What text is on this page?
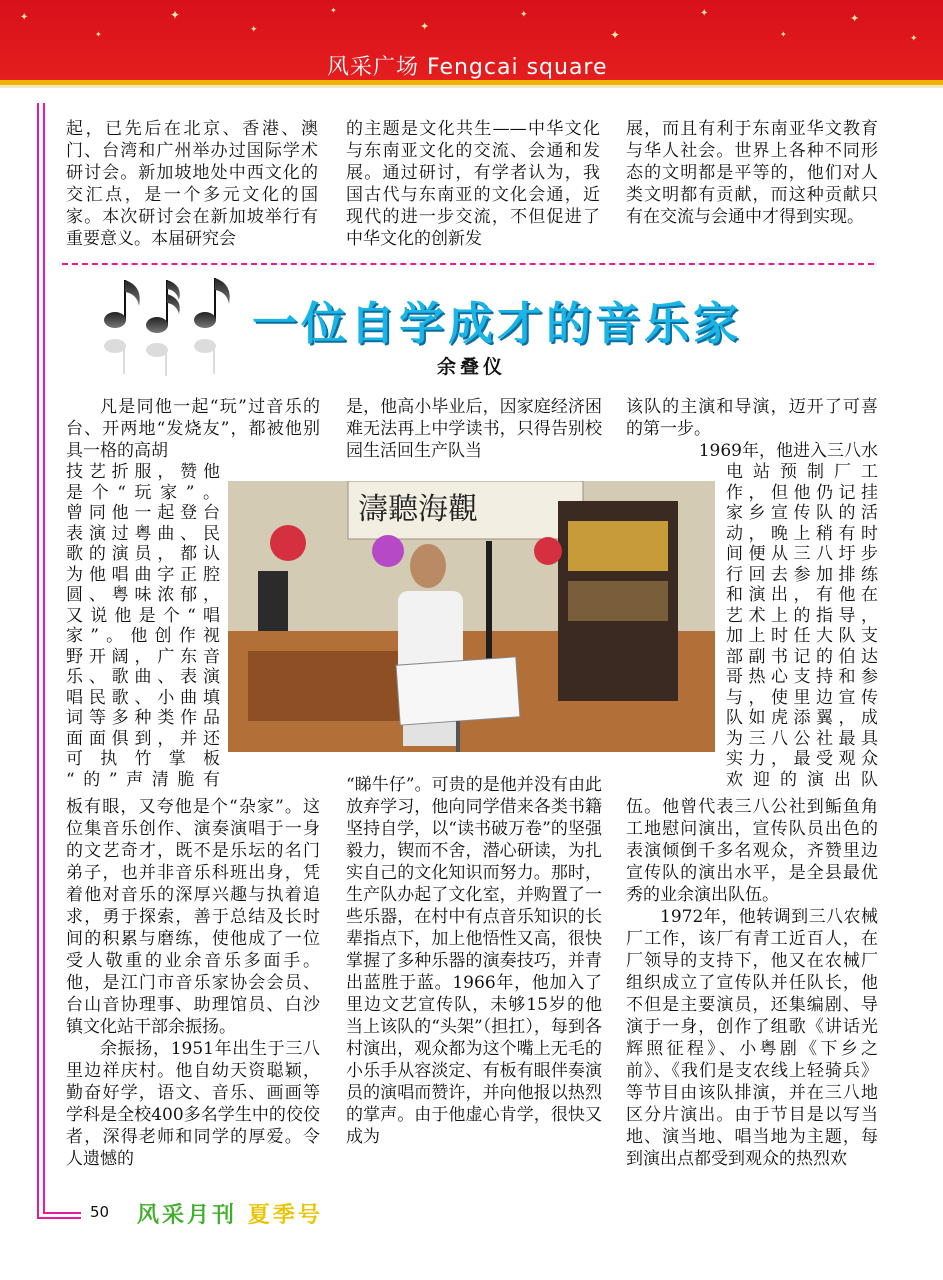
✦
✦
✦
✦
✦
✦
✦
✦
✦
✦
✦
✦
风采广场 Fengcai square

起，已先后在北京、香港、澳门、台湾和广州举办过国际学术研讨会。新加坡地处中西文化的交汇点，是一个多元文化的国家。本次研讨会在新加坡举行有重要意义。本届研究会

的主题是文化共生——中华文化与东南亚文化的交流、会通和发展。通过研讨，有学者认为，我国古代与东南亚的文化会通，近现代的进一步交流，不但促进了中华文化的创新发

展，而且有利于东南亚华文教育与华人社会。世界上各种不同形态的文明都是平等的，他们对人类文明都有贡献，而这种贡献只有在交流与会通中才得到实现。

一位自学成才的音乐家
余叠仪

凡是同他一起“玩”过音乐的台、开两地“发烧友”，都被他别具一格的高胡

技艺折服，赞他
是个“玩家”。
曾同他一起登台
表演过粤曲、民
歌的演员，都认
为他唱曲字正腔
圆、粤味浓郁，
又说他是个“唱
家”。他创作视
野开阔，广东音
乐、歌曲、表演
唱民歌、小曲填
词等多种类作品
面面俱到，并还
可执竹掌板
“的”声清脆有

板有眼，又夸他是个“杂家”。这位集音乐创作、演奏演唱于一身的文艺奇才，既不是乐坛的名门弟子，也并非音乐科班出身，凭着他对音乐的深厚兴趣与执着追求，勇于探索，善于总结及长时间的积累与磨练，使他成了一位受人敬重的业余音乐多面手。他，是江门市音乐家协会会员、台山音协理事、助理馆员、白沙镇文化站干部余振扬。

余振扬，1951年出生于三八里边祥庆村。他自幼天资聪颖，勤奋好学，语文、音乐、画画等学科是全校400多名学生中的佼佼者，深得老师和同学的厚爱。令人遗憾的

是，他高小毕业后，因家庭经济困难无法再上中学读书，只得告别校园生活回生产队当

“睇牛仔”。可贵的是他并没有由此放弃学习，他向同学借来各类书籍坚持自学，以“读书破万卷”的坚强毅力，锲而不舍，潜心研读，为扎实自己的文化知识而努力。那时，生产队办起了文化室，并购置了一些乐器，在村中有点音乐知识的长辈指点下，加上他悟性又高，很快掌握了多种乐器的演奏技巧，并青出蓝胜于蓝。1966年，他加入了里边文艺宣传队，未够15岁的他当上该队的“头架”（担扛），每到各村演出，观众都为这个嘴上无毛的小乐手从容淡定、有板有眼伴奏演员的演唱而赞许，并向他报以热烈的掌声。由于他虚心肯学，很快又成为

该队的主演和导演，迈开了可喜的第一步。

1969年，他进入三八水

电站预制厂工
作，但他仍记挂
家乡宣传队的活
动，晚上稍有时
间便从三八圩步
行回去参加排练
和演出，有他在
艺术上的指导，
加上时任大队支
部副书记的伯达
哥热心支持和参
与，使里边宣传
队如虎添翼，成
为三八公社最具
实力，最受观众
欢迎的演出队

伍。他曾代表三八公社到鲘鱼角工地慰问演出，宣传队员出色的表演倾倒千多名观众，齐赞里边宣传队的演出水平，是全县最优秀的业余演出队伍。

1972年，他转调到三八农械厂工作，该厂有青工近百人，在厂领导的支持下，他又在农械厂组织成立了宣传队并任队长，他不但是主要演员，还集编剧、导演于一身，创作了组歌《讲话光辉照征程》、小粤剧《下乡之前》、《我们是支农线上轻骑兵》等节目由该队排演，并在三八地区分片演出。由于节目是以写当地、演当地、唱当地为主题，每到演出点都受到观众的热烈欢

濤聽海觀
50 风采月刊 夏季号
